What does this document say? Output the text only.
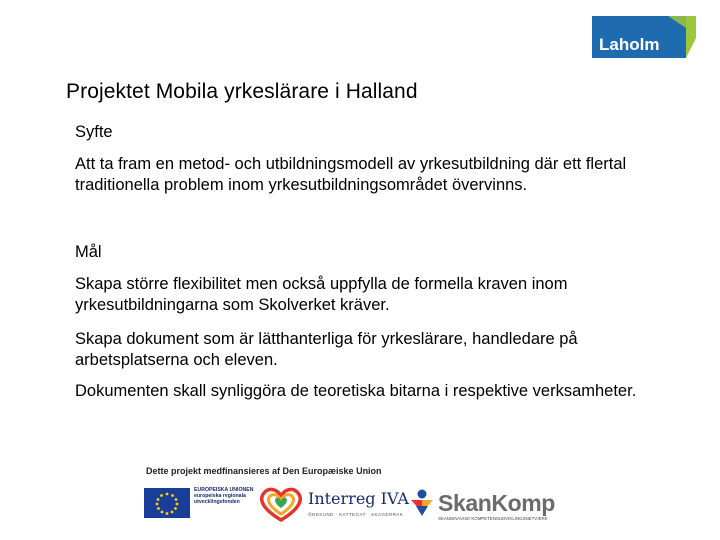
Laholm
Projektet Mobila yrkeslärare i Halland
Syfte
Att ta fram en metod- och utbildningsmodell av yrkesutbildning där ett flertal traditionella problem inom yrkesutbildningsområdet övervinns.
Mål
Skapa större flexibilitet men också uppfylla de formella kraven inom yrkesutbildningarna som Skolverket kräver.
Skapa dokument som är lätthanterliga för yrkeslärare, handledare på arbetsplatserna och eleven.
Dokumenten skall synliggöra de teoretiska bitarna i respektive verksamheter.
Dette projekt medfinansieres af Den Europæiske Union
EUROPEISKA UNIONEN europeiska regionala utvecklingsfonden	Interreg IVA
ÖRESUND · KATTEGAT · SKAGERRAK SkanKomp
SKANDINAVISK KOMPETENSUDVIKLINGSNETVÆRK
